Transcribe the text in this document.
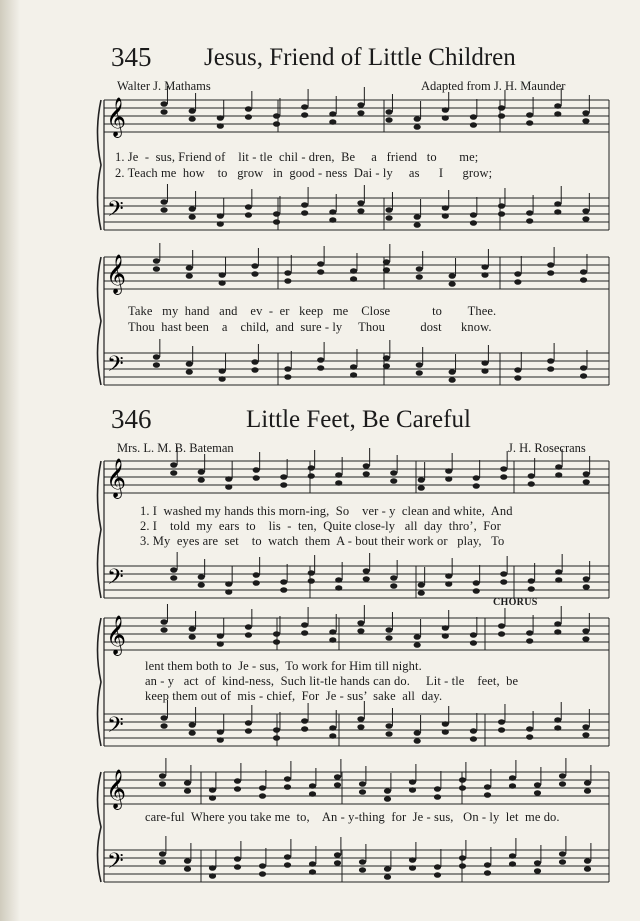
345 Jesus, Friend of Little Children
Walter J. Mathams	Adapted from J. H. Maunder
1. Je  -  sus, Friend of    lit - tle  chil - dren,  Be     a   friend   to       me;
2. Teach me  how    to   grow   in  good - ness  Dai - ly     as      I      grow;
Take   my  hand   and    ev  -  er   keep   me    Close             to        Thee.
Thou  hast been    a    child,  and  sure - ly     Thou           dost      know.
346	Little Feet, Be Careful
Mrs. L. M. B. Bateman	J. H. Rosecrans
1. I  washed my hands this morn-ing,  So    ver - y  clean and white,  And
2. I    told  my  ears  to    lis  -  ten,  Quite close-ly   all  day  thro’,  For
3. My  eyes are  set    to  watch  them  A - bout their work or   play,   To
CHORUS
lent them both to  Je - sus,  To work for Him till night.
an - y   act  of  kind-ness,  Such lit-tle hands can do.     Lit - tle    feet,  be
keep them out of  mis - chief,  For  Je - sus’  sake  all  day.
care-ful  Where you take me  to,    An - y-thing  for  Je - sus,   On - ly  let  me do.
𝄞
𝄢
𝄞
𝄢
𝄞
𝄢
𝄞
𝄢
𝄞
𝄢
